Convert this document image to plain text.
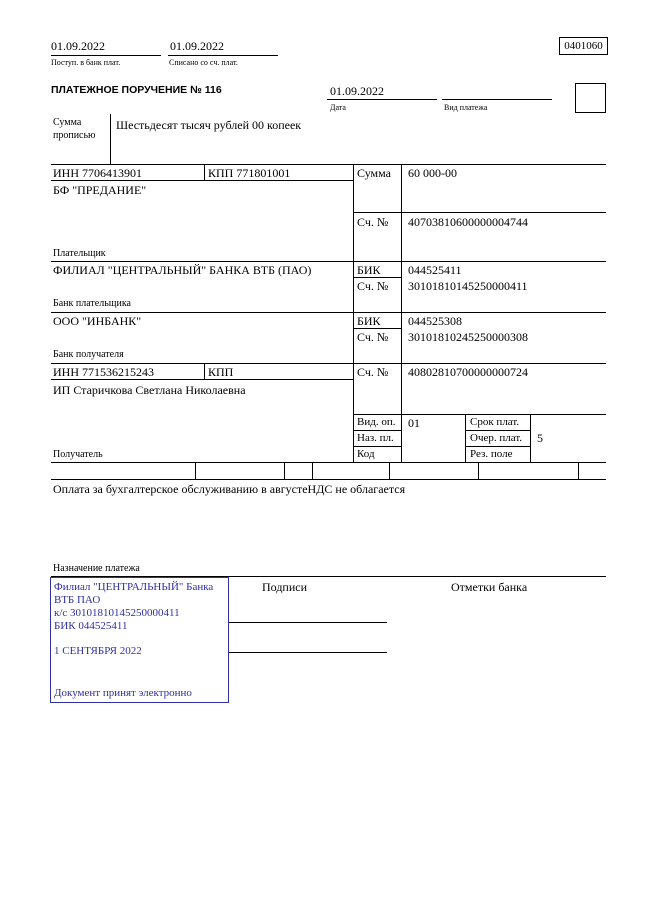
01.09.2022
Поступ. в банк плат.
01.09.2022
Списано со сч. плат.
0401060
ПЛАТЕЖНОЕ ПОРУЧЕНИЕ № 116	01.09.2022
Дата	Вид платежа
Сумма
прописью
Шестьдесят тысяч рублей 00 копеек
ИНН 7706413901	КПП 771801001	Сумма 60 000-00
БФ "ПРЕДАНИЕ"
Сч. № 40703810600000004744
Плательщик
ФИЛИАЛ "ЦЕНТРАЛЬНЫЙ" БАНКА ВТБ (ПАО)	БИК 044525411
Сч. № 30101810145250000411
Банк плательщика
ООО "ИНБАНК"	БИК 044525308
Сч. № 30101810245250000308
Банк получателя
ИНН 771536215243	КПП	Сч. № 40802810700000000724
ИП Старичкова Светлана Николаевна
Вид. оп. 01	Срок плат.
Наз. пл.	Очер. плат. 5
Код	Рез. поле
Получатель
Оплата за бухгалтерское обслуживанию в августеНДС не облагается
Назначение платежа
Подписи	Отметки банка
Филиал "ЦЕНТРАЛЬНЫЙ" Банка
ВТБ ПАО
к/с 30101810145250000411
БИК 044525411
1 СЕНТЯБРЯ 2022
Документ принят электронно
